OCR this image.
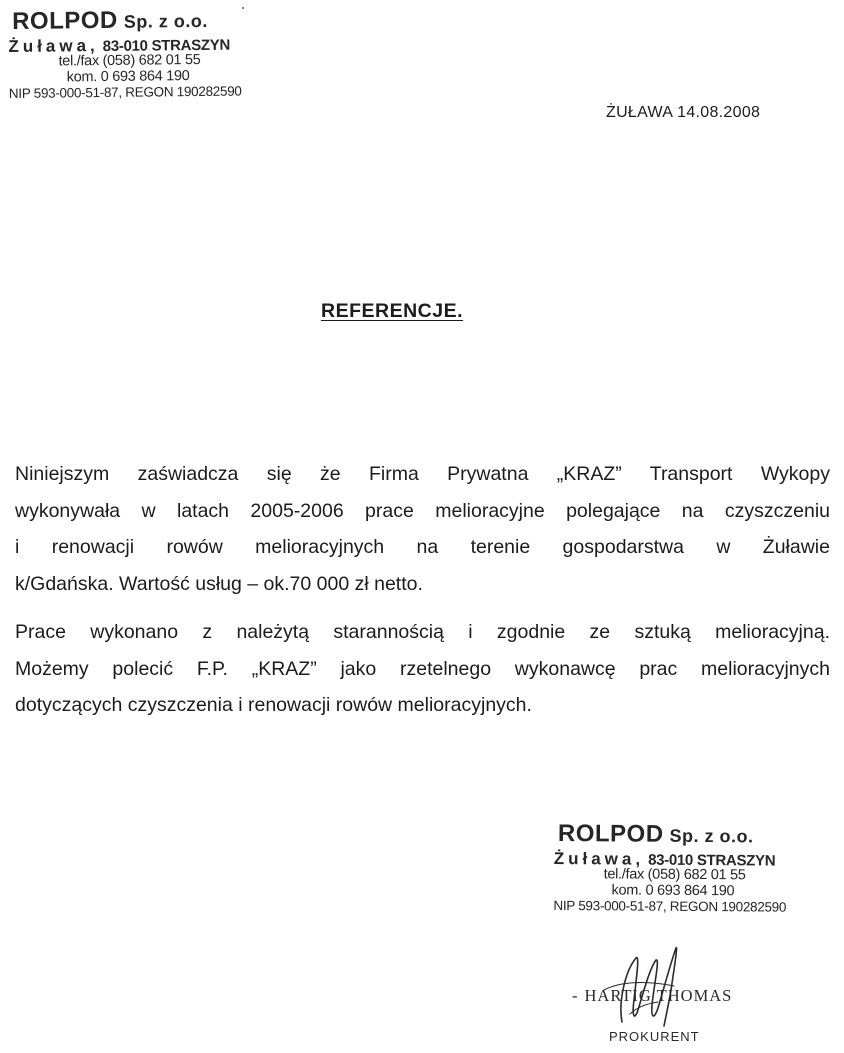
ROLPOD Sp. z o.o.
Żuława, 83-010 STRASZYN
tel./fax (058) 682 01 55
kom. 0 693 864 190
NIP 593-000-51-87, REGON 190282590
ŻUŁAWA 14.08.2008
REFERENCJE.
Niniejszym zaświadcza się że Firma Prywatna „KRAZ” Transport Wykopy
wykonywała w latach 2005-2006 prace melioracyjne polegające na czyszczeniu
i renowacji rowów melioracyjnych na terenie gospodarstwa w Żuławie
k/Gdańska. Wartość usług – ok.70 000 zł netto.
Prace wykonano z należytą starannością i zgodnie ze sztuką melioracyjną.
Możemy polecić F.P. „KRAZ” jako rzetelnego wykonawcę prac melioracyjnych
dotyczących czyszczenia i renowacji rowów melioracyjnych.
ROLPOD Sp. z o.o.
Żuława, 83-010 STRASZYN
tel./fax (058) 682 01 55
kom. 0 693 864 190
NIP 593-000-51-87, REGON 190282590
- HARTIG THOMAS
PROKURENT
